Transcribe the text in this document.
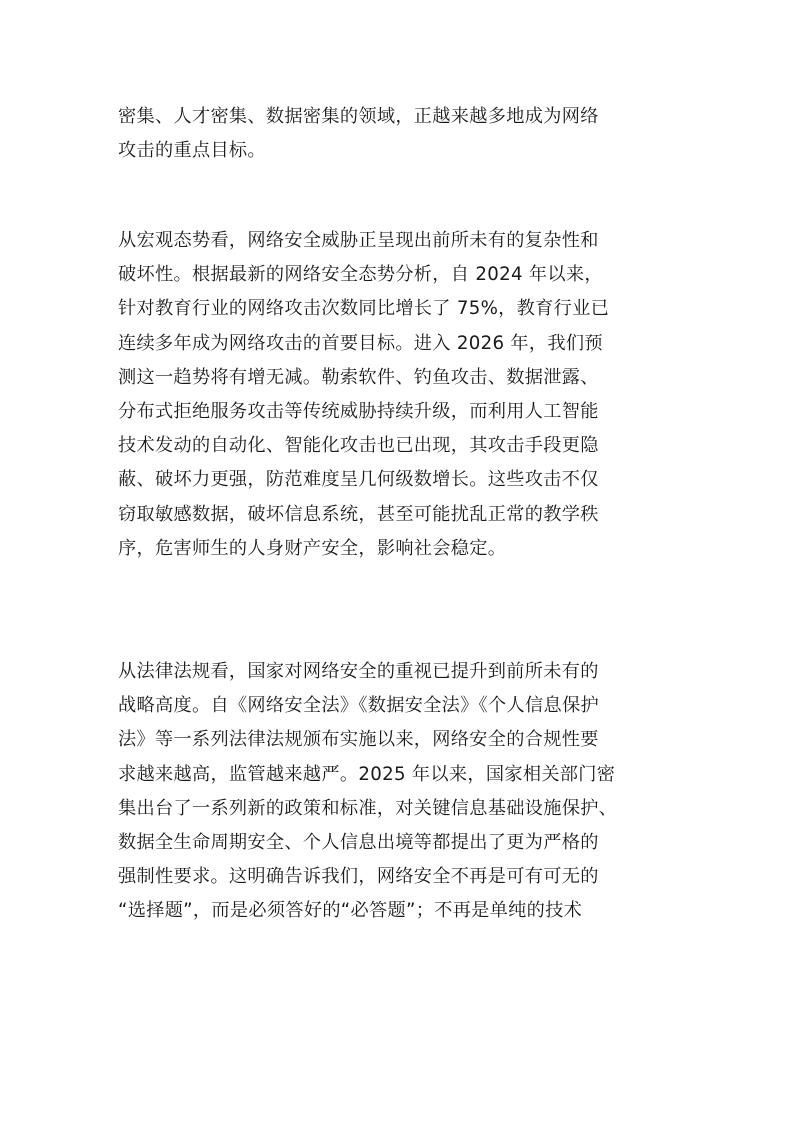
密集、人才密集、数据密集的领域，正越来越多地成为网络
攻击的重点目标。
从宏观态势看，网络安全威胁正呈现出前所未有的复杂性和
破坏性。根据最新的网络安全态势分析，自 2024 年以来，
针对教育行业的网络攻击次数同比增长了 75%，教育行业已
连续多年成为网络攻击的首要目标。进入 2026 年，我们预
测这一趋势将有增无减。勒索软件、钓鱼攻击、数据泄露、
分布式拒绝服务攻击等传统威胁持续升级，而利用人工智能
技术发动的自动化、智能化攻击也已出现，其攻击手段更隐
蔽、破坏力更强，防范难度呈几何级数增长。这些攻击不仅
窃取敏感数据，破坏信息系统，甚至可能扰乱正常的教学秩
序，危害师生的人身财产安全，影响社会稳定。
从法律法规看，国家对网络安全的重视已提升到前所未有的
战略高度。自《网络安全法》《数据安全法》《个人信息保护
法》等一系列法律法规颁布实施以来，网络安全的合规性要
求越来越高，监管越来越严。2025 年以来，国家相关部门密
集出台了一系列新的政策和标准，对关键信息基础设施保护、
数据全生命周期安全、个人信息出境等都提出了更为严格的
强制性要求。这明确告诉我们，网络安全不再是可有可无的
“选择题”，而是必须答好的“必答题”；不再是单纯的技术
